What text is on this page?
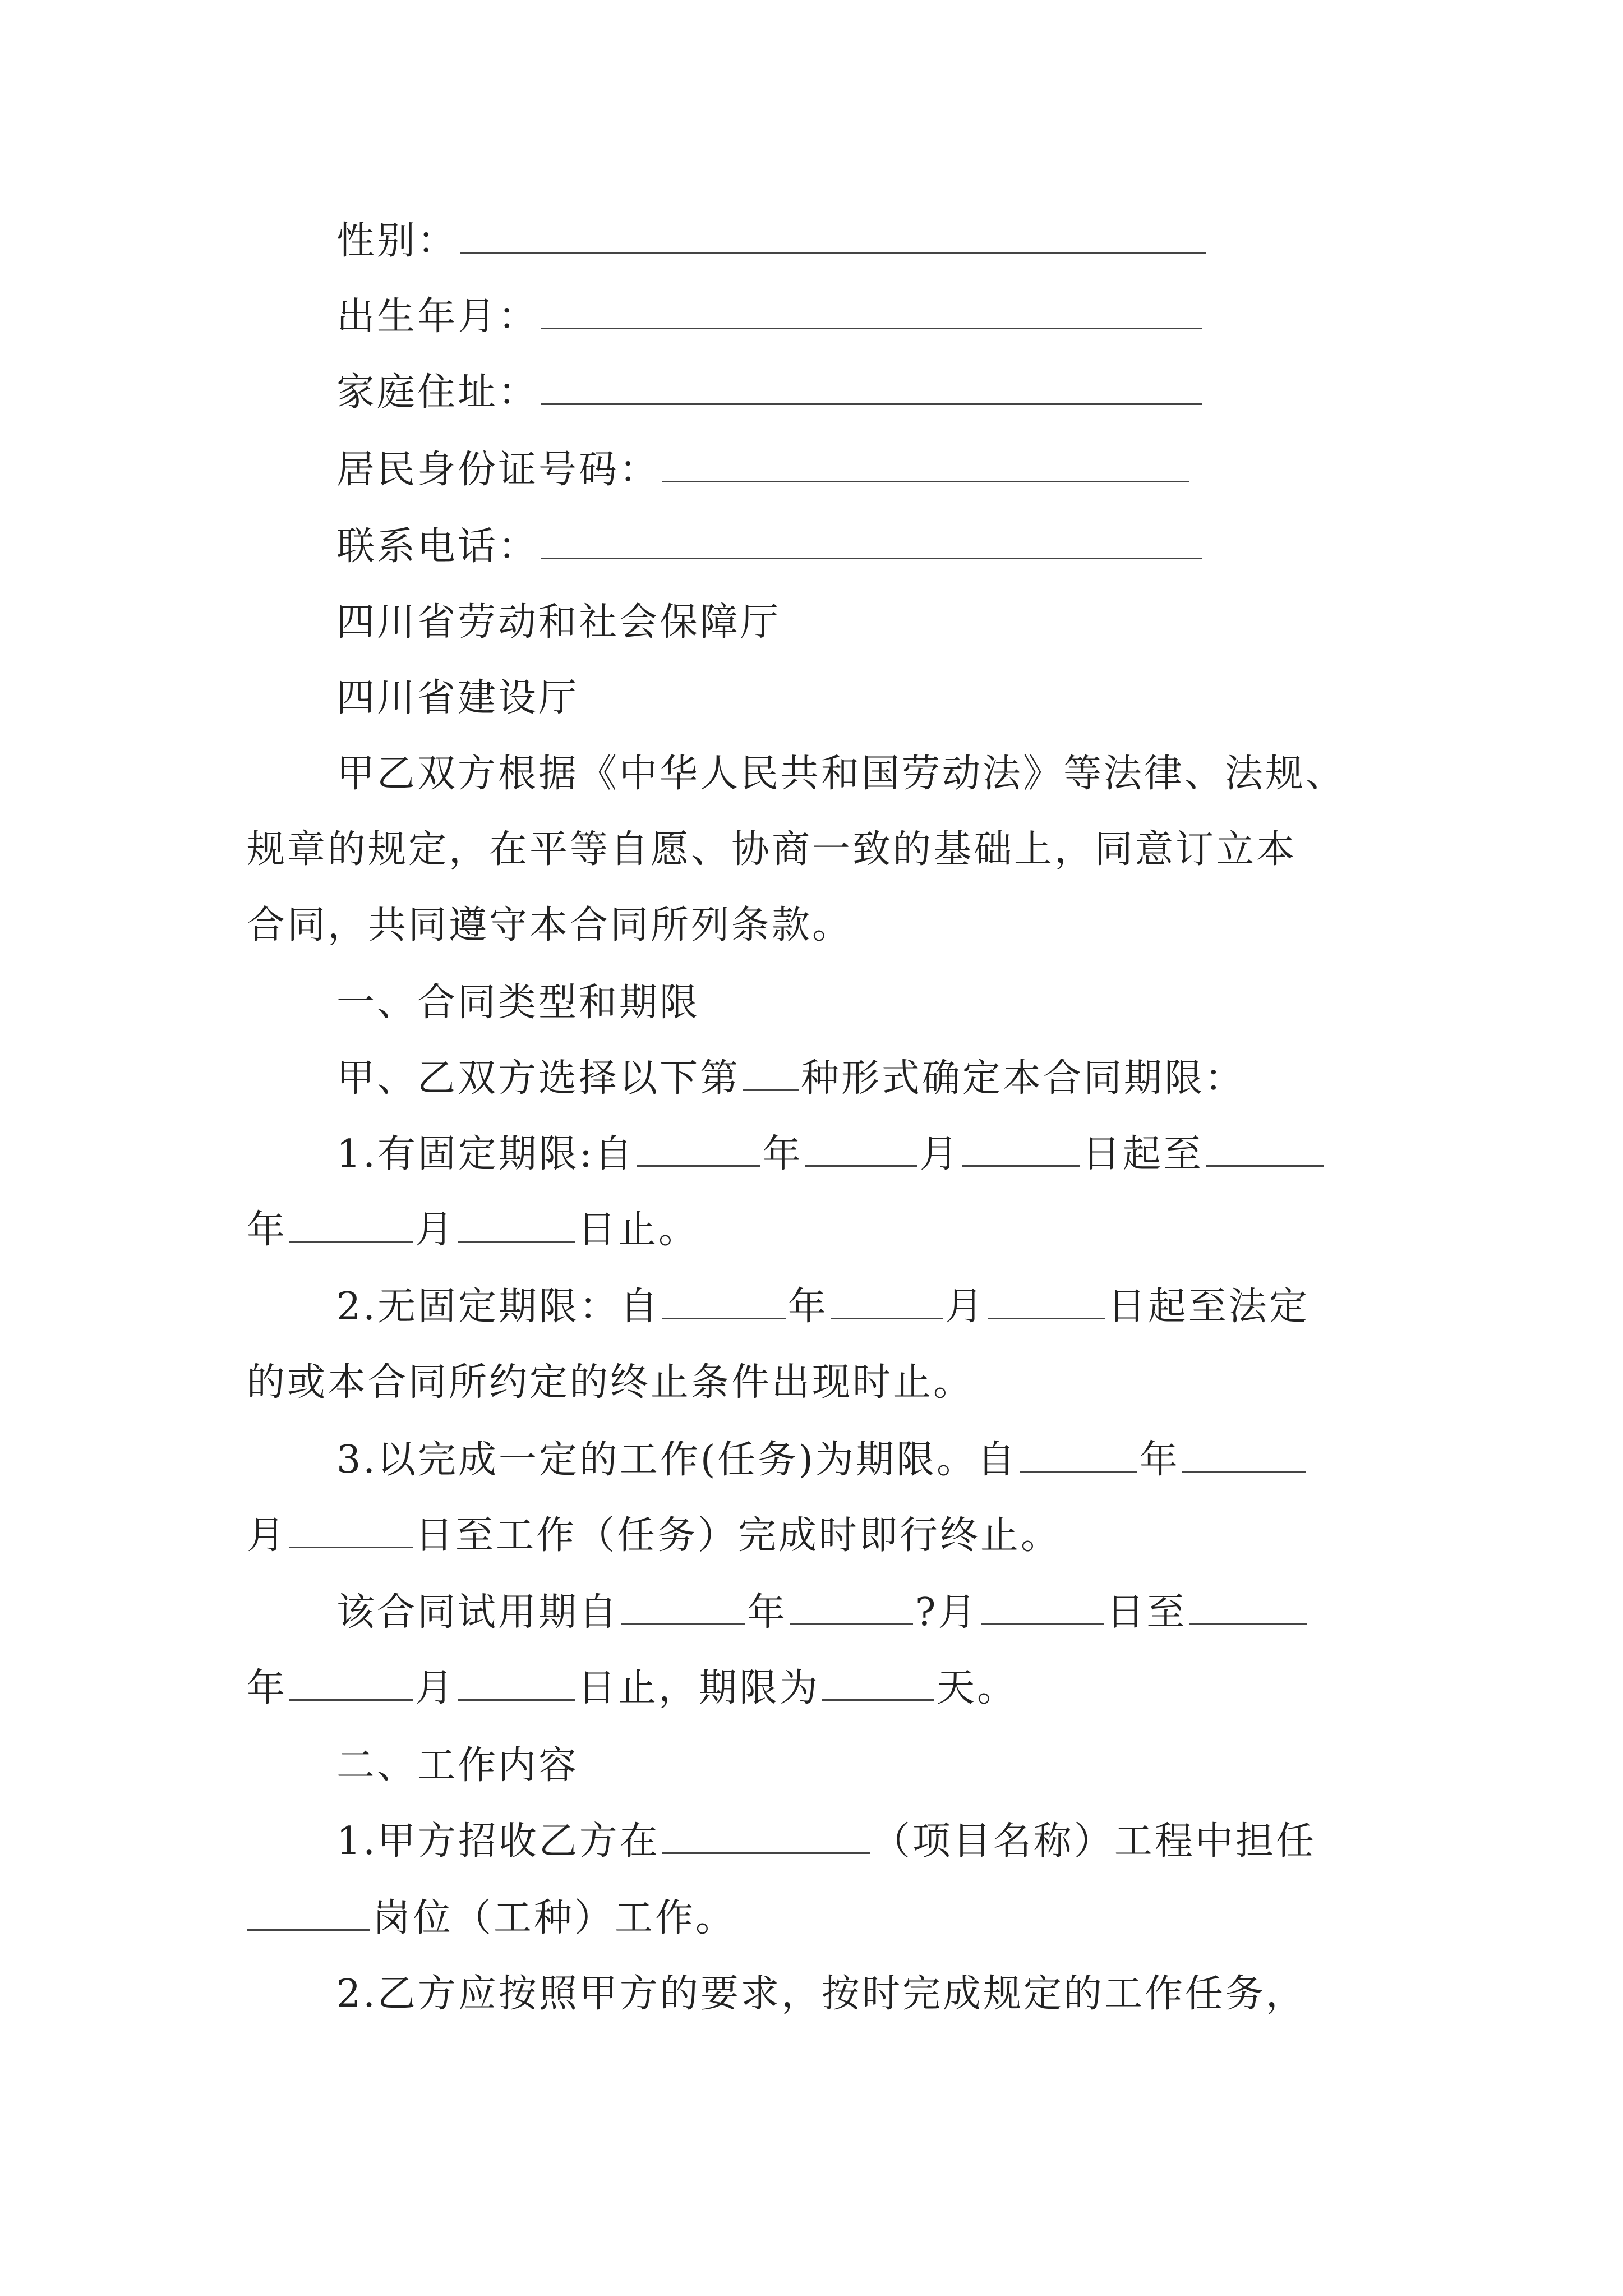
性别：
出生年月：
家庭住址：
居民身份证号码：
联系电话：
四川省劳动和社会保障厅
四川省建设厅
甲乙双方根据《中华人民共和国劳动法》等法律、法规、
规章的规定，在平等自愿、协商一致的基础上，同意订立本
合同，共同遵守本合同所列条款。
一、合同类型和期限
甲、乙双方选择以下第 种形式确定本合同期限：
1.有固定期限:自	年	月	日起至
年	月	日止。
2.无固定期限：自	年	月	日起至法定
的或本合同所约定的终止条件出现时止。
3.以完成一定的工作(任务)为期限。自	年
月	日至工作（任务）完成时即行终止。
该合同试用期自	年	?月	日至
年	月	日止，期限为	天。
二、工作内容
1.甲方招收乙方在	（项目名称）工程中担任
岗位（工种）工作。
2.乙方应按照甲方的要求，按时完成规定的工作任务，
